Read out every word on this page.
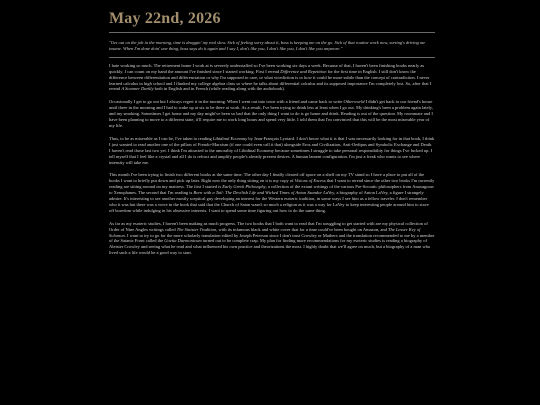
May 22nd, 2026

"Get out on the job in the morning, time is draggin' my real slow. Sick of feeling sorry about it, boss is keeping me on the go. Sick of that routine work now, sorting's driving me insane. When I'm done doin' one thing, boss says do it again and I say I, don't like you, I don't like you, I don't like you anymore."

I hate working so much. The retirement home I work at is severely understaffed so I've been working six days a week. Because of that, I haven't been finishing books nearly as quickly. I can count on my hand the amount I've finished since I started working. First I reread Difference and Repetition for the first time in English. I still don't know the difference between differentiation and differenciation or why I'm supposed to care, or what vicediction is or how it could be more subtle than the concept of contradiction. I never learned calculus in high school and I flunked my college algebra class so where he talks about differential calculus and its supposed importance I'm completely lost. So, after that I reread A Scanner Darkly both in English and in French (while reading along with the audiobook).

Occasionally I get to go out but I always regret it in the morning. When I went out into town with a friend and came back to write Otherworld I didn't get back to our friend's house until three in the morning and I had to wake up at six to be there at work. As a result, I've been trying to drink less at least when I go out. My drinking's been a problem again lately, and my smoking. Sometimes I get home and my day might've been so bad that the only thing I want to do is go home and drink. Reading is out of the question. My roommate and I have been planning to move to a different state, it'll require me to work long hours and spend very little. I told them that I'm convinced that this will be the most miserable year of my life.

Thus, to be as miserable as I can be, I've taken to reading Libidinal Economy by Jean-François Lyotard. I don't know what it is that I was necessarily looking for in that book, I think I just wanted to read another one of the pillars of Freudo-Marxism (if one could even call it that) alongside Eros and Civilization, Anti-Oedipus and Symbolic Exchange and Death. I haven't read those last two yet. I think I'm attracted to the amorality of Libidinal Economy because sometimes I struggle to take personal responsibility for things I've fucked up. I tell myself that I feel like a crystal and all I do is refract and amplify people's already present desires. A human lament configuration. I'm just a freak who wants to see where intensity will take me.

This month I've been trying to finish two different books at the same time. The other day I finally cleared off space on a shelf on my TV stand so I have a place to put all of the books I want to briefly put down and pick up later. Right now the only thing sitting on it is my copy of Visions of Excess that I want to reread since the other two books I'm currently reading are sitting around on my mattress. The first I started is Early Greek Philosophy, a collection of the extant writings of the various Pre-Socratic philosophers from Anaxagoras to Xenophanes. The second that I'm reading is Born with a Tail: The Devilish Life and Wicked Times of Anton Szandor LaVey, a biography of Anton LaVey, a figure I strangely admire. It's interesting to see another mostly sceptical guy developing an interest for the Western esoteric tradition, in some ways I see him as a fellow traveler. I don't remember who it was but there was a voice in the book that said that the Church of Satan wasn't so much a religion as it was a way for LaVey to keep interesting people around him to stave off boredom while indulging in his obsessive interests. I want to spend some time figuring out how to do the same thing.

As far as my esoteric studies, I haven't been making as much progress. The two books that I both want to read that I'm struggling to get started with are my physical collection of Order of Nine Angles writings called The Sinister Tradition, with its infamous black and white cover that for a time could've been bought on Amazon, and The Lesser Key of Solomon. I want to try to go for the more scholarly translation edited by Joseph Peterson since I don't trust Crowley or Mathers and the translation recommended to me by a member of the Satanic Front called the Goetia Daemonicum turned out to be complete crap. My plan for finding more recommendations for my esoteric studies is reading a biography of Aleister Crowley and seeing what he read and what influenced his own practice and theorizations the most. I highly doubt that we'll agree on much, but a biography of a man who lived such a life would be a good way to start.
